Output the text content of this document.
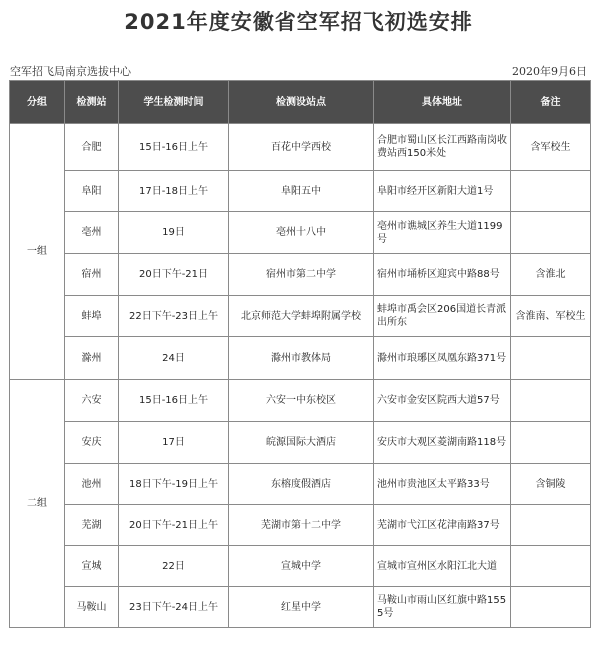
2021年度安徽省空军招飞初选安排
空军招飞局南京选拔中心	2020年9月6日
分组	检测站	学生检测时间	检测设站点	具体地址	备注
一组	合肥	15日-16日上午	百花中学西校	合肥市蜀山区长江西路南岗收费站西150米处	含军校生
	阜阳	17日-18日上午	阜阳五中	阜阳市经开区新阳大道1号	
	亳州	19日	亳州十八中	亳州市谯城区养生大道1199号	
	宿州	20日下午-21日	宿州市第二中学	宿州市埇桥区迎宾中路88号	含淮北
	蚌埠	22日下午-23日上午	北京师范大学蚌埠附属学校	蚌埠市禹会区206国道长青派出所东	含淮南、军校生
	滁州	24日	滁州市教体局	滁州市琅琊区凤凰东路371号	
二组	六安	15日-16日上午	六安一中东校区	六安市金安区院西大道57号	
	安庆	17日	皖源国际大酒店	安庆市大观区菱湖南路118号	
	池州	18日下午-19日上午	东榕度假酒店	池州市贵池区太平路33号	含铜陵
	芜湖	20日下午-21日上午	芜湖市第十二中学	芜湖市弋江区花津南路37号	
	宣城	22日	宣城中学	宣城市宣州区水阳江北大道	
	马鞍山	23日下午-24日上午	红星中学	马鞍山市雨山区红旗中路1555号	
